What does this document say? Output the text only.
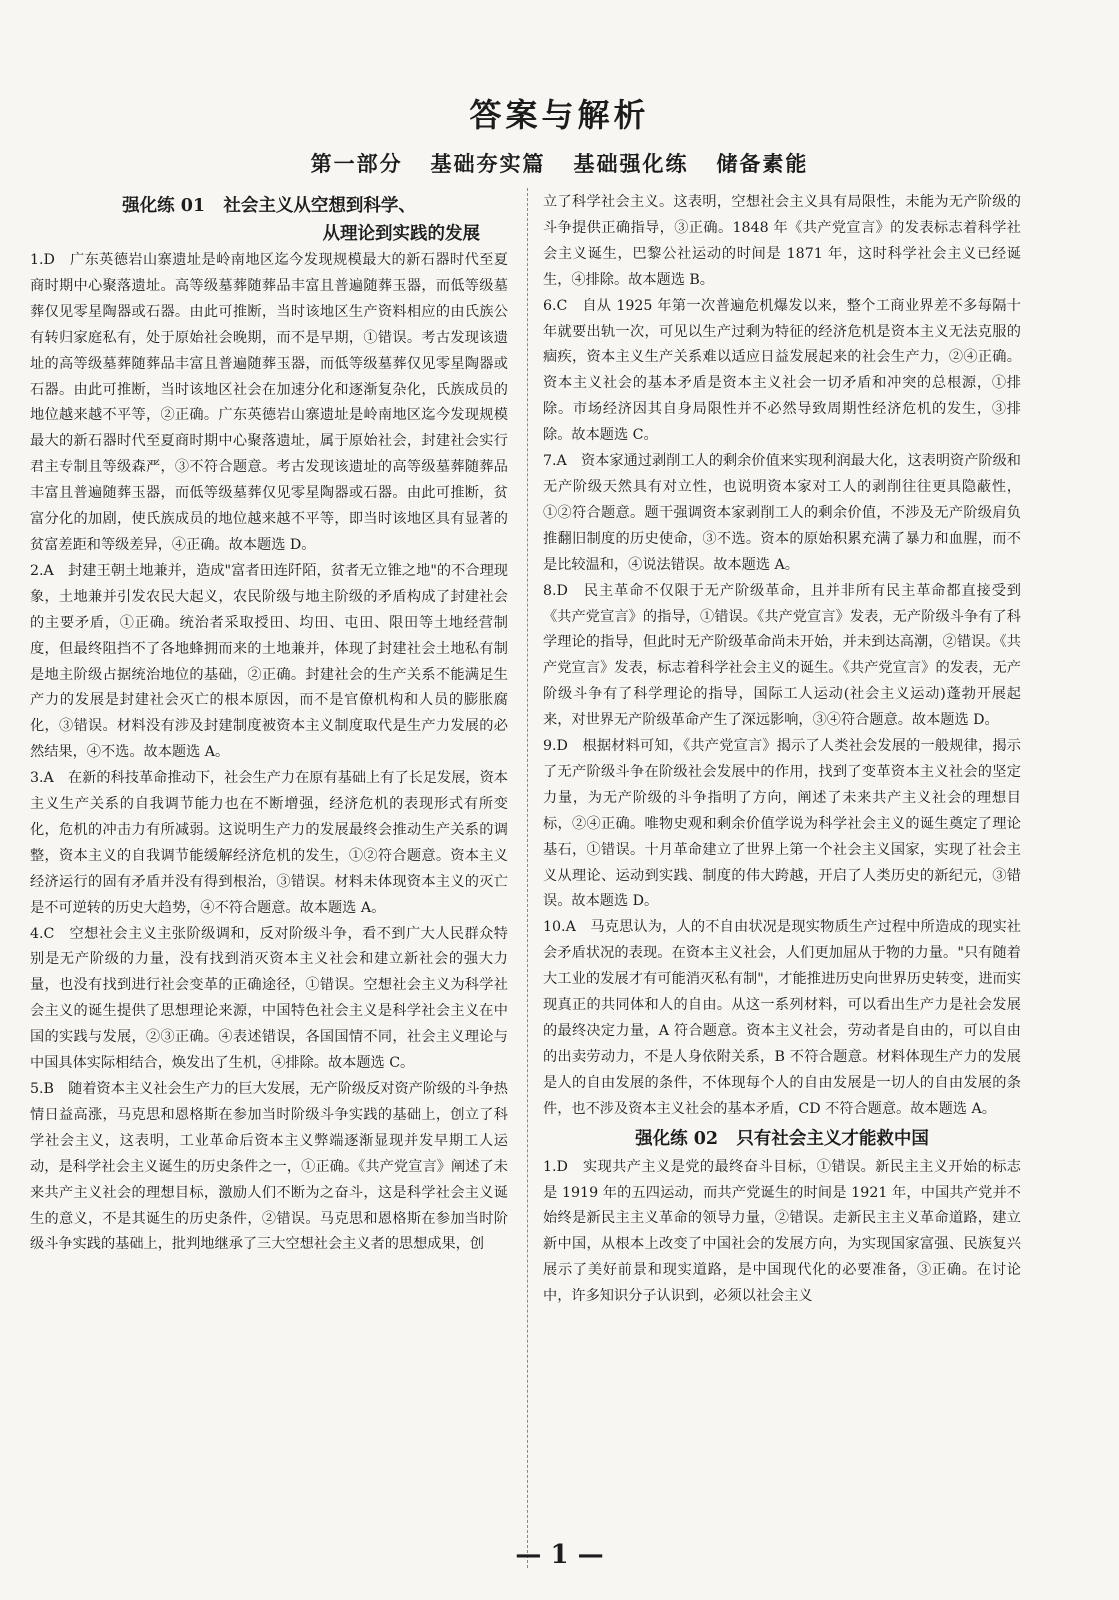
答案与解析
第一部分   基础夯实篇   基础强化练   储备素能
强化练 01   社会主义从空想到科学、
从理论到实践的发展

1.D　广东英德岩山寨遗址是岭南地区迄今发现规模最大的新石器时代至夏商时期中心聚落遗址。高等级墓葬随葬品丰富且普遍随葬玉器，而低等级墓葬仅见零星陶器或石器。由此可推断，当时该地区生产资料相应的由氏族公有转归家庭私有，处于原始社会晚期，而不是早期，①错误。考古发现该遗址的高等级墓葬随葬品丰富且普遍随葬玉器，而低等级墓葬仅见零星陶器或石器。由此可推断，当时该地区社会在加速分化和逐渐复杂化，氏族成员的地位越来越不平等，②正确。广东英德岩山寨遗址是岭南地区迄今发现规模最大的新石器时代至夏商时期中心聚落遗址，属于原始社会，封建社会实行君主专制且等级森严，③不符合题意。考古发现该遗址的高等级墓葬随葬品丰富且普遍随葬玉器，而低等级墓葬仅见零星陶器或石器。由此可推断，贫富分化的加剧，使氏族成员的地位越来越不平等，即当时该地区具有显著的贫富差距和等级差异，④正确。故本题选 D。

2.A　封建王朝土地兼并，造成"富者田连阡陌，贫者无立锥之地"的不合理现象，土地兼并引发农民大起义，农民阶级与地主阶级的矛盾构成了封建社会的主要矛盾，①正确。统治者采取授田、均田、屯田、限田等土地经营制度，但最终阻挡不了各地蜂拥而来的土地兼并，体现了封建社会土地私有制是地主阶级占据统治地位的基础，②正确。封建社会的生产关系不能满足生产力的发展是封建社会灭亡的根本原因，而不是官僚机构和人员的膨胀腐化，③错误。材料没有涉及封建制度被资本主义制度取代是生产力发展的必然结果，④不选。故本题选 A。

3.A　在新的科技革命推动下，社会生产力在原有基础上有了长足发展，资本主义生产关系的自我调节能力也在不断增强，经济危机的表现形式有所变化，危机的冲击力有所减弱。这说明生产力的发展最终会推动生产关系的调整，资本主义的自我调节能缓解经济危机的发生，①②符合题意。资本主义经济运行的固有矛盾并没有得到根治，③错误。材料未体现资本主义的灭亡是不可逆转的历史大趋势，④不符合题意。故本题选 A。

4.C　空想社会主义主张阶级调和，反对阶级斗争，看不到广大人民群众特别是无产阶级的力量，没有找到消灭资本主义社会和建立新社会的强大力量，也没有找到进行社会变革的正确途径，①错误。空想社会主义为科学社会主义的诞生提供了思想理论来源，中国特色社会主义是科学社会主义在中国的实践与发展，②③正确。④表述错误，各国国情不同，社会主义理论与中国具体实际相结合，焕发出了生机，④排除。故本题选 C。

5.B　随着资本主义社会生产力的巨大发展，无产阶级反对资产阶级的斗争热情日益高涨，马克思和恩格斯在参加当时阶级斗争实践的基础上，创立了科学社会主义，这表明，工业革命后资本主义弊端逐渐显现并发早期工人运动，是科学社会主义诞生的历史条件之一，①正确。《共产党宣言》阐述了未来共产主义社会的理想目标，激励人们不断为之奋斗，这是科学社会主义诞生的意义，不是其诞生的历史条件，②错误。马克思和恩格斯在参加当时阶级斗争实践的基础上，批判地继承了三大空想社会主义者的思想成果，创

立了科学社会主义。这表明，空想社会主义具有局限性，未能为无产阶级的斗争提供正确指导，③正确。1848 年《共产党宣言》的发表标志着科学社会主义诞生，巴黎公社运动的时间是 1871 年，这时科学社会主义已经诞生，④排除。故本题选 B。

6.C　自从 1925 年第一次普遍危机爆发以来，整个工商业界差不多每隔十年就要出轨一次，可见以生产过剩为特征的经济危机是资本主义无法克服的痼疾，资本主义生产关系难以适应日益发展起来的社会生产力，②④正确。资本主义社会的基本矛盾是资本主义社会一切矛盾和冲突的总根源，①排除。市场经济因其自身局限性并不必然导致周期性经济危机的发生，③排除。故本题选 C。

7.A　资本家通过剥削工人的剩余价值来实现利润最大化，这表明资产阶级和无产阶级天然具有对立性，也说明资本家对工人的剥削往往更具隐蔽性，①②符合题意。题干强调资本家剥削工人的剩余价值，不涉及无产阶级肩负推翻旧制度的历史使命，③不选。资本的原始积累充满了暴力和血腥，而不是比较温和，④说法错误。故本题选 A。

8.D　民主革命不仅限于无产阶级革命，且并非所有民主革命都直接受到《共产党宣言》的指导，①错误。《共产党宣言》发表，无产阶级斗争有了科学理论的指导，但此时无产阶级革命尚未开始，并未到达高潮，②错误。《共产党宣言》发表，标志着科学社会主义的诞生。《共产党宣言》的发表，无产阶级斗争有了科学理论的指导，国际工人运动(社会主义运动)蓬勃开展起来，对世界无产阶级革命产生了深远影响，③④符合题意。故本题选 D。

9.D　根据材料可知，《共产党宣言》揭示了人类社会发展的一般规律，揭示了无产阶级斗争在阶级社会发展中的作用，找到了变革资本主义社会的坚定力量，为无产阶级的斗争指明了方向，阐述了未来共产主义社会的理想目标，②④正确。唯物史观和剩余价值学说为科学社会主义的诞生奠定了理论基石，①错误。十月革命建立了世界上第一个社会主义国家，实现了社会主义从理论、运动到实践、制度的伟大跨越，开启了人类历史的新纪元，③错误。故本题选 D。

10.A　马克思认为，人的不自由状况是现实物质生产过程中所造成的现实社会矛盾状况的表现。在资本主义社会，人们更加屈从于物的力量。"只有随着大工业的发展才有可能消灭私有制"，才能推进历史向世界历史转变，进而实现真正的共同体和人的自由。从这一系列材料，可以看出生产力是社会发展的最终决定力量，A 符合题意。资本主义社会，劳动者是自由的，可以自由的出卖劳动力，不是人身依附关系，B 不符合题意。材料体现生产力的发展是人的自由发展的条件，不体现每个人的自由发展是一切人的自由发展的条件，也不涉及资本主义社会的基本矛盾，CD 不符合题意。故本题选 A。

强化练 02   只有社会主义才能救中国

1.D　实现共产主义是党的最终奋斗目标，①错误。新民主主义开始的标志是 1919 年的五四运动，而共产党诞生的时间是 1921 年，中国共产党并不始终是新民主主义革命的领导力量，②错误。走新民主主义革命道路，建立新中国，从根本上改变了中国社会的发展方向，为实现国家富强、民族复兴展示了美好前景和现实道路，是中国现代化的必要准备，③正确。在讨论中，许多知识分子认识到，必须以社会主义

— 1 —
